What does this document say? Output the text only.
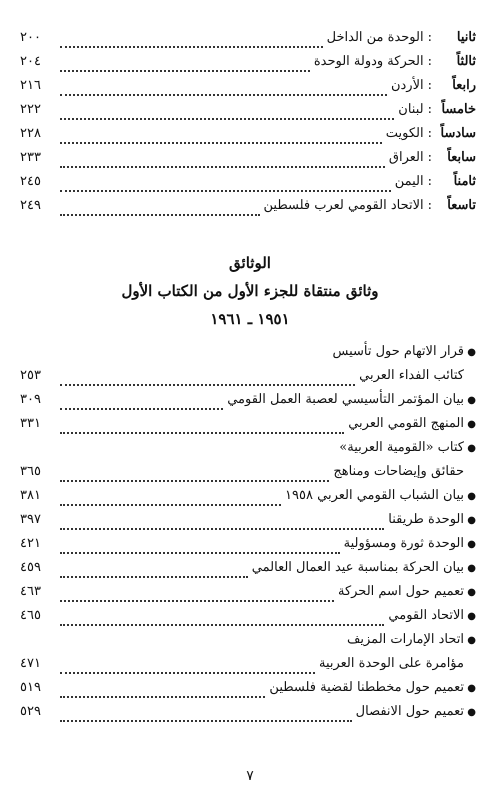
ثانيا
:
الوحدة من الداخل
٢٠٠
ثالثاً
:
الحركة ودولة الوحدة
٢٠٤
رابعاً
:
الأردن
٢١٦
خامساً
:
لبنان
٢٢٢
سادساً
:
الكويت
٢٢٨
سابعاً
:
العراق
٢٣٣
ثامناً
:
اليمن
٢٤٥
تاسعاً
:
الاتحاد القومي لعرب فلسطين
٢٤٩
الوثائق
وثائق منتقاة للجزء الأول من الكتاب الأول
١٩٥١ ـ ١٩٦١
●
قرار الاتهام حول تأسيس
كتائب الفداء العربي
٢٥٣
●
بيان المؤتمر التأسيسي لعصبة العمل القومي
٣٠٩
●
المنهج القومي العربي
٣٣١
●
كتاب «القومية العربية»
حقائق وإيضاحات ومناهج
٣٦٥
●
بيان الشباب القومي العربي ١٩٥٨
٣٨١
●
الوحدة طريقنا
٣٩٧
●
الوحدة ثورة ومسؤولية
٤٢١
●
بيان الحركة بمناسبة عيد العمال العالمي
٤٥٩
●
تعميم حول اسم الحركة
٤٦٣
●
الاتحاد القومي
٤٦٥
●
اتحاد الإمارات المزيف
مؤامرة على الوحدة العربية
٤٧١
●
تعميم حول مخططنا لقضية فلسطين
٥١٩
●
تعميم حول الانفصال
٥٢٩
٧
